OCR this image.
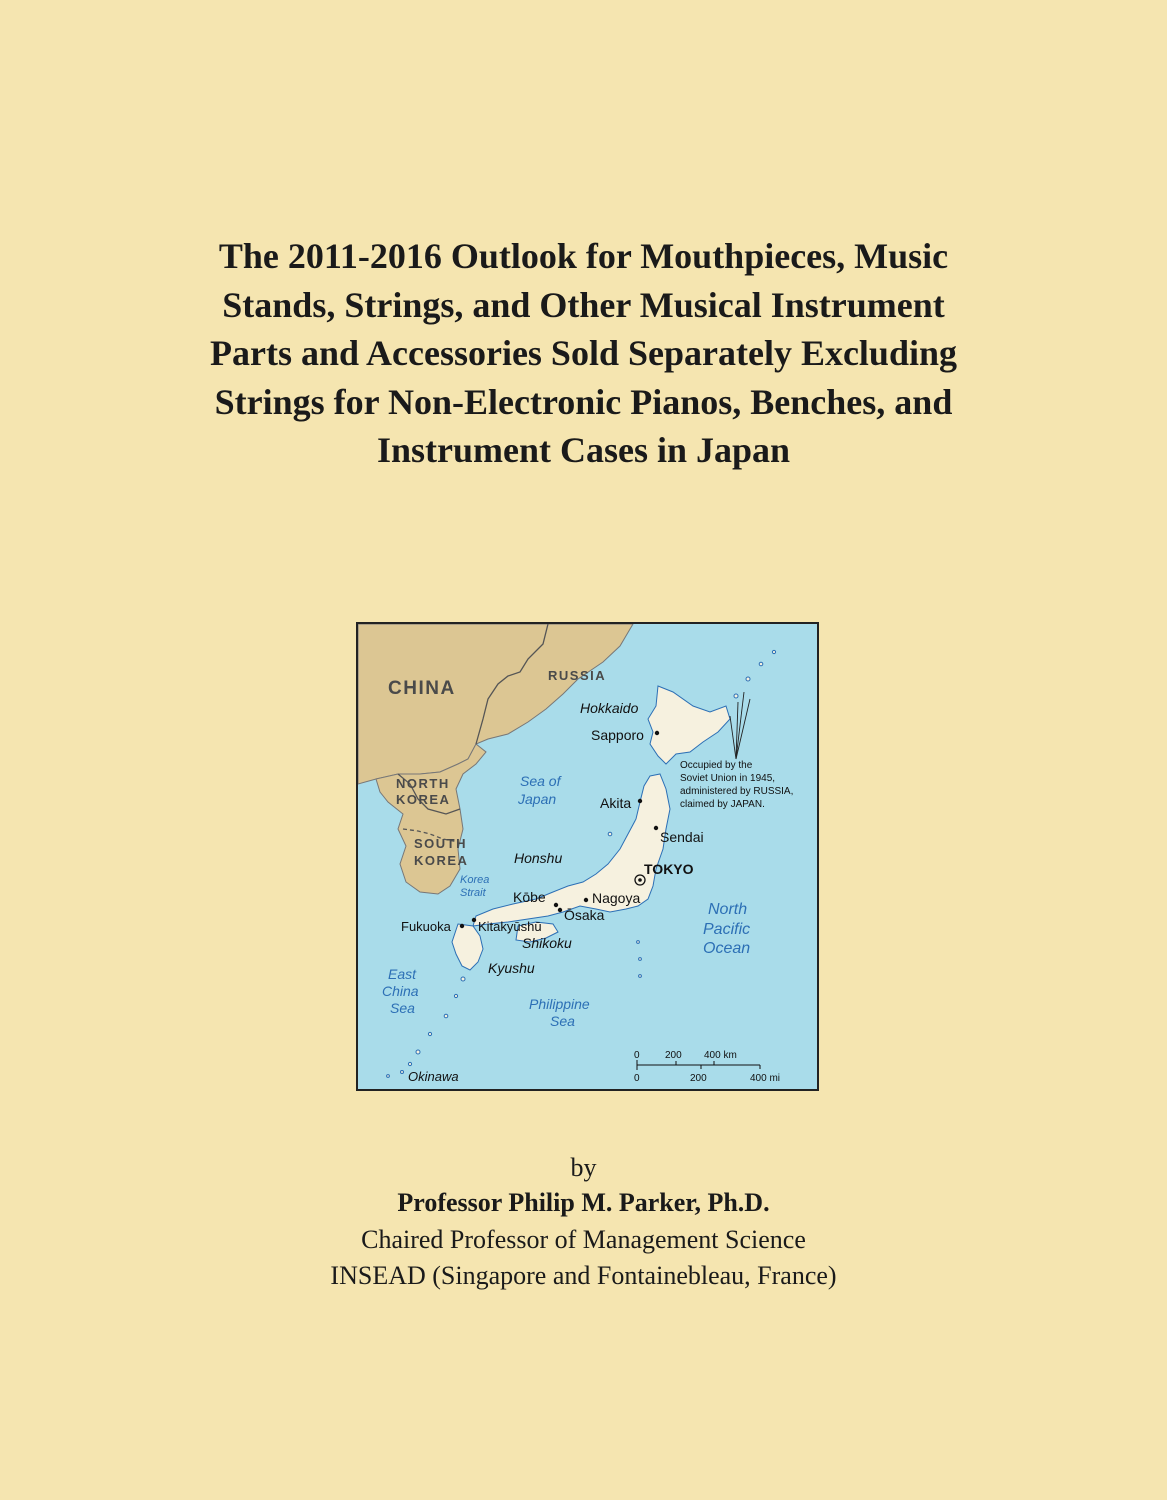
The 2011-2016 Outlook for Mouthpieces, Music
Stands, Strings, and Other Musical Instrument
Parts and Accessories Sold Separately Excluding
Strings for Non-Electronic Pianos, Benches, and
Instrument Cases in Japan
CHINA
RUSSIA
NORTH
KOREA
SOUTH
KOREA
Sea of
Japan
Korea
Strait
East
China
Sea	Philippine
Sea
North
Pacific
Ocean
Hokkaido
Honshu
Shikoku
Kyushu
Okinawa
Sapporo
Akita
Sendai
TOKYO
Kōbe	Nagoya
Ōsaka
Fukuoka Kitakyūshū
Occupied by the
Soviet Union in 1945,
administered by RUSSIA,
claimed by JAPAN.
0	200 400 km
0	200	400 mi
by
Professor Philip M. Parker, Ph.D.
Chaired Professor of Management Science
INSEAD (Singapore and Fontainebleau, France)
